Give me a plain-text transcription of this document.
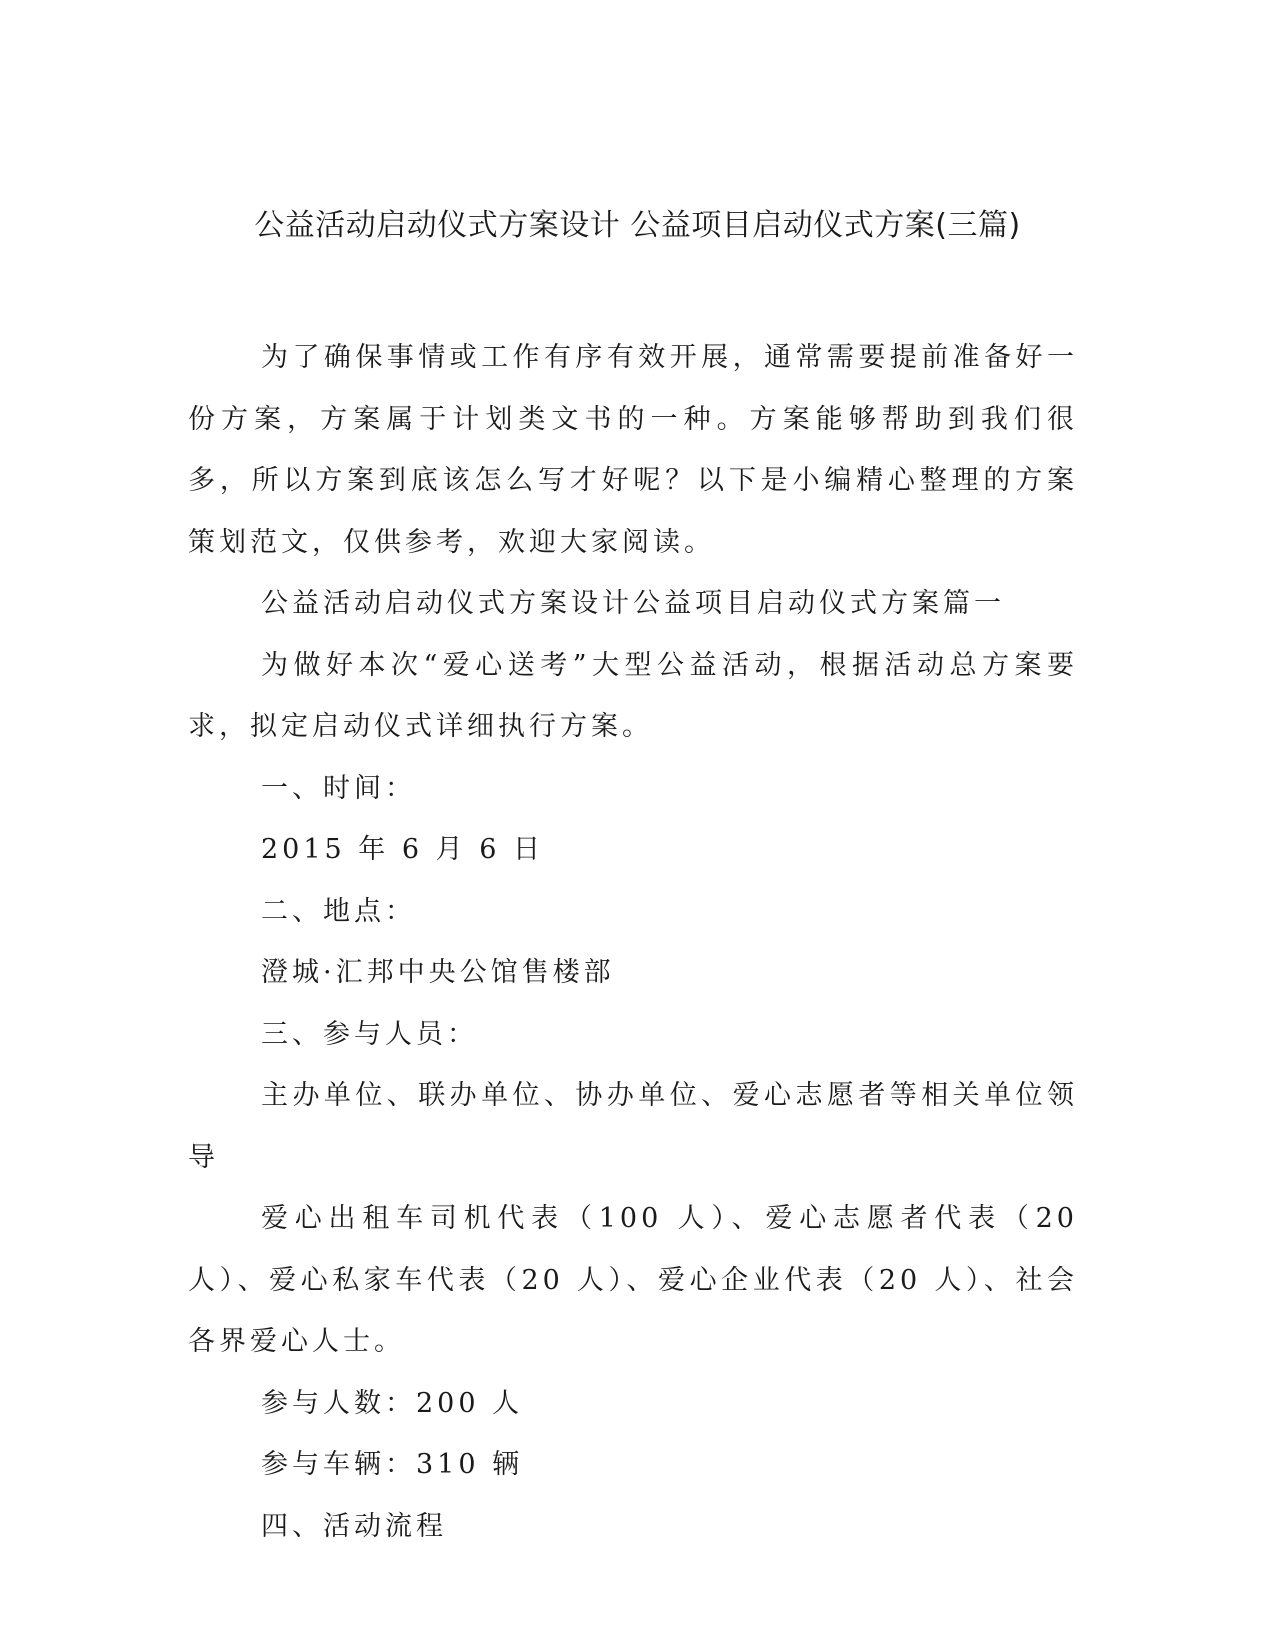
公益活动启动仪式方案设计 公益项目启动仪式方案(三篇)

为了确保事情或工作有序有效开展，通常需要提前准备好一份方案，方案属于计划类文书的一种。方案能够帮助到我们很多，所以方案到底该怎么写才好呢？以下是小编精心整理的方案策划范文，仅供参考，欢迎大家阅读。

公益活动启动仪式方案设计公益项目启动仪式方案篇一

为做好本次“爱心送考”大型公益活动，根据活动总方案要求，拟定启动仪式详细执行方案。

一、时间：

2015 年 6 月 6 日

二、地点：

澄城·汇邦中央公馆售楼部

三、参与人员：

主办单位、联办单位、协办单位、爱心志愿者等相关单位领导

爱心出租车司机代表（100 人）、爱心志愿者代表（20 人）、爱心私家车代表（20 人）、爱心企业代表（20 人）、社会各界爱心人士。

参与人数：200 人

参与车辆：310 辆

四、活动流程
